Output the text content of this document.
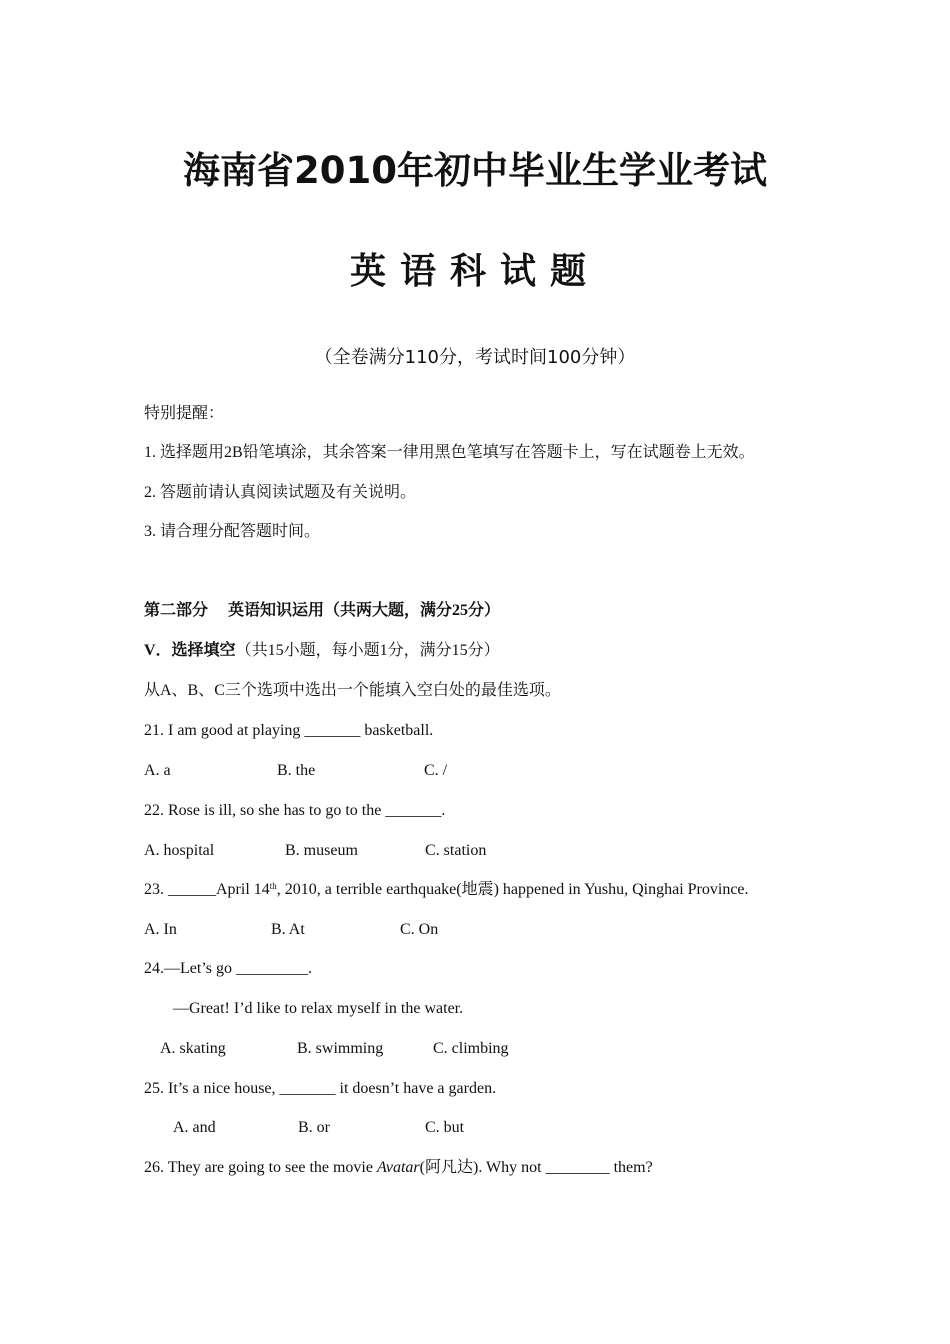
海南省2010年初中毕业生学业考试
英语科试题
（全卷满分110分，考试时间100分钟）
特别提醒：
1. 选择题用2B铅笔填涂，其余答案一律用黑色笔填写在答题卡上，写在试题卷上无效。
2. 答题前请认真阅读试题及有关说明。
3. 请合理分配答题时间。
第二部分　 英语知识运用（共两大题，满分25分）
V．选择填空（共15小题，每小题1分，满分15分）
从A、B、C三个选项中选出一个能填入空白处的最佳选项。
21. I am good at playing _______ basketball.
A. a	B. the	C. /
22. Rose is ill, so she has to go to the _______.
A. hospital	B. museum	C. station
23. ______April 14th, 2010, a terrible earthquake(地震) happened in Yushu, Qinghai Province.
A. In	B. At	C. On
24.—Let’s go _________.
—Great! I’d like to relax myself in the water.
A. skating	B. swimming	C. climbing
25. It’s a nice house, _______ it doesn’t have a garden.
A. and	B. or	C. but
26. They are going to see the movie Avatar(阿凡达). Why not ________ them?
